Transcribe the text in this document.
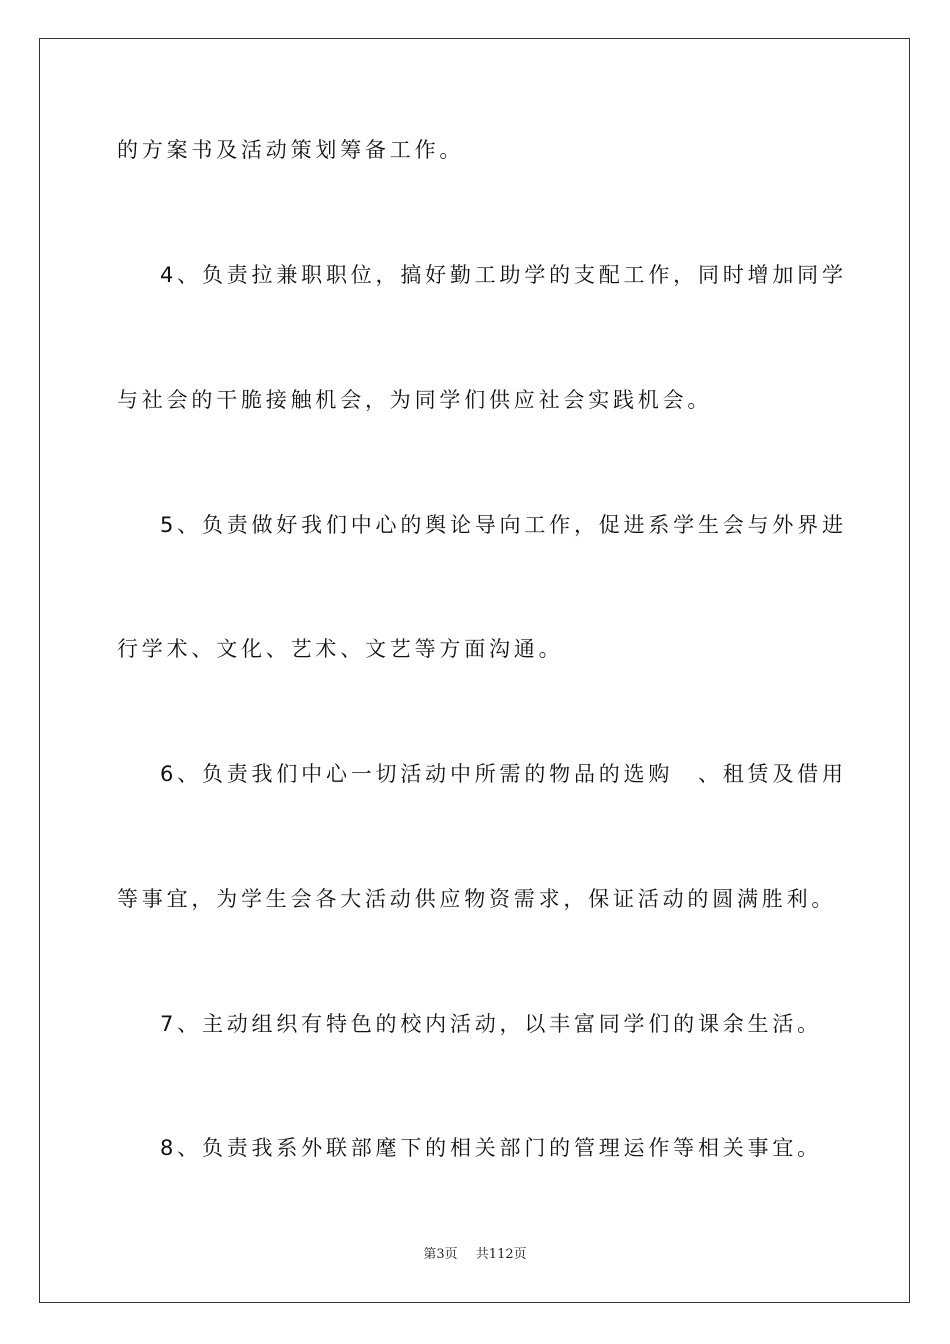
的方案书及活动策划筹备工作。
4、负责拉兼职职位，搞好勤工助学的支配工作，同时增加同学
与社会的干脆接触机会，为同学们供应社会实践机会。
5、负责做好我们中心的舆论导向工作，促进系学生会与外界进
行学术、文化、艺术、文艺等方面沟通。
6、负责我们中心一切活动中所需的物品的选购　、租赁及借用
等事宜，为学生会各大活动供应物资需求，保证活动的圆满胜利。
7、主动组织有特色的校内活动，以丰富同学们的课余生活。
8、负责我系外联部麾下的相关部门的管理运作等相关事宜。
第3页 共112页
